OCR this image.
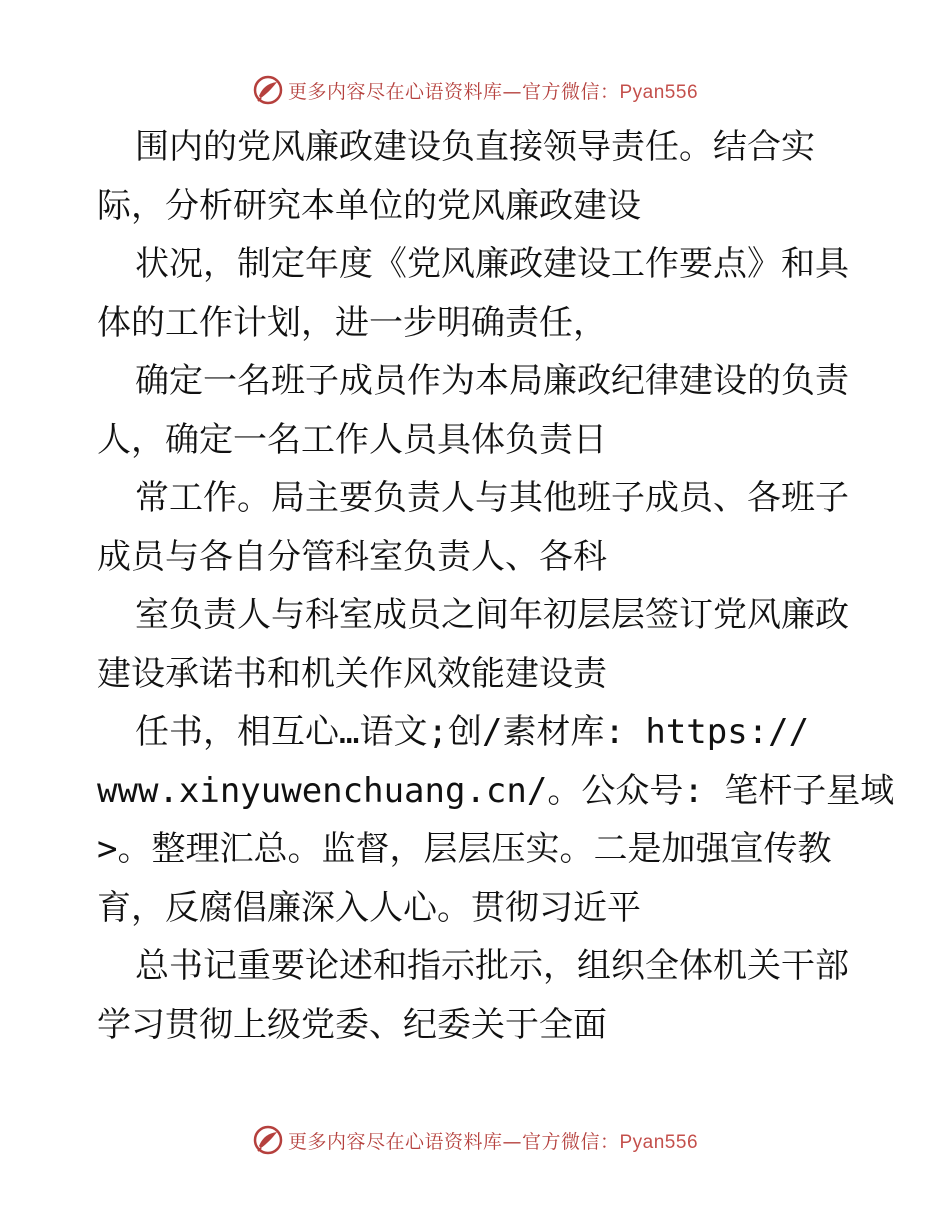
更多内容尽在心语资料库—官方微信：Pyan556
围内的党风廉政建设负直接领导责任。结合实
际，分析研究本单位的党风廉政建设
状况，制定年度《党风廉政建设工作要点》和具
体的工作计划，进一步明确责任，
确定一名班子成员作为本局廉政纪律建设的负责
人，确定一名工作人员具体负责日
常工作。局主要负责人与其他班子成员、各班子
成员与各自分管科室负责人、各科
室负责人与科室成员之间年初层层签订党风廉政
建设承诺书和机关作风效能建设责
任书，相互心…语文;创/素材库: https://
www.xinyuwenchuang.cn/。公众号: 笔杆子星域
>。整理汇总。监督，层层压实。二是加强宣传教
育，反腐倡廉深入人心。贯彻习近平
总书记重要论述和指示批示，组织全体机关干部
学习贯彻上级党委、纪委关于全面
更多内容尽在心语资料库—官方微信：Pyan556
